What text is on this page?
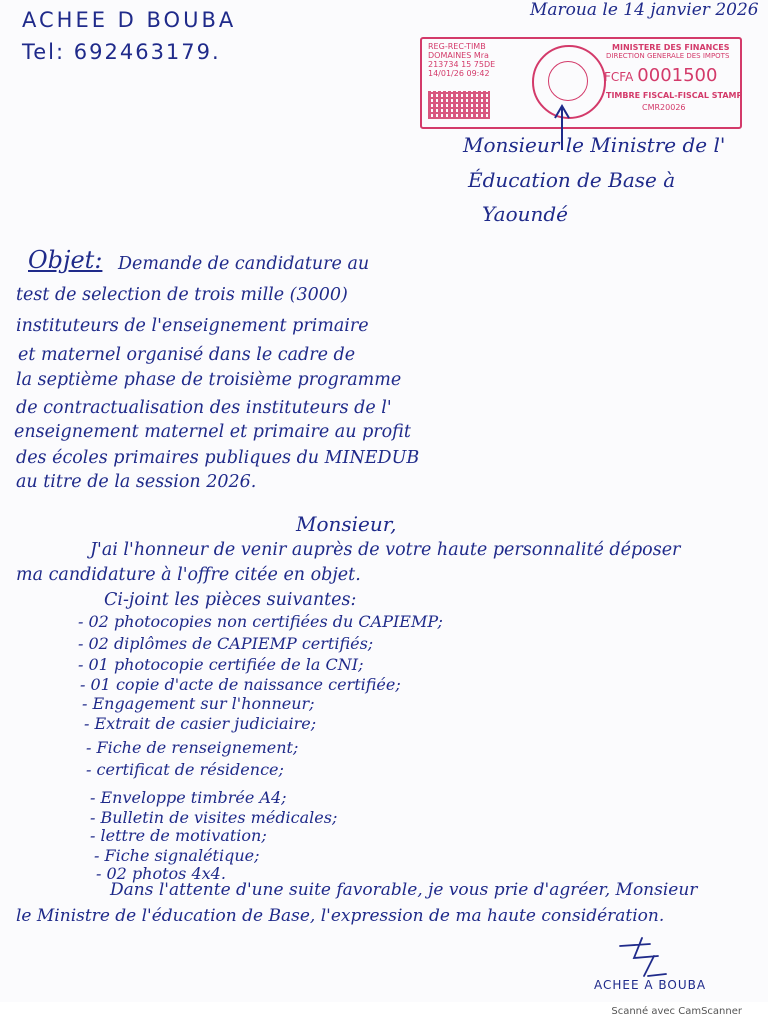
ACHEE D BOUBA
Tel: 692463179.
Maroua le 14 janvier 2026
REG-REC-TIMB
DOMAINES Mra
213734 15 75DE
14/01/26 09:42
MINISTERE DES FINANCES
DIRECTION GENERALE DES IMPOTS
FCFA 0001500
TIMBRE FISCAL-FISCAL STAMP
CMR20026
Monsieur le Ministre de l'
Éducation de Base à
Yaoundé
Objet: Demande de candidature au
test de selection de trois mille (3000)
instituteurs de l'enseignement primaire
et maternel organisé dans le cadre de
la septième phase de troisième programme
de contractualisation des instituteurs de l'
enseignement maternel et primaire au profit
des écoles primaires publiques du MINEDUB
au titre de la session 2026.
Monsieur,
J'ai l'honneur de venir auprès de votre haute personnalité déposer
ma candidature à l'offre citée en objet.
Ci-joint les pièces suivantes:
- 02 photocopies non certifiées du CAPIEMP;
- 02 diplômes de CAPIEMP certifiés;
- 01 photocopie certifiée de la CNI;
- 01 copie d'acte de naissance certifiée;
- Engagement sur l'honneur;
- Extrait de casier judiciaire;
- Fiche de renseignement;
- certificat de résidence;
- Enveloppe timbrée A4;
- Bulletin de visites médicales;
- lettre de motivation;
- Fiche signalétique;
- 02 photos 4x4.
Dans l'attente d'une suite favorable, je vous prie d'agréer, Monsieur
le Ministre de l'éducation de Base, l'expression de ma haute considération.
ACHEE A BOUBA
Scanné avec CamScanner
